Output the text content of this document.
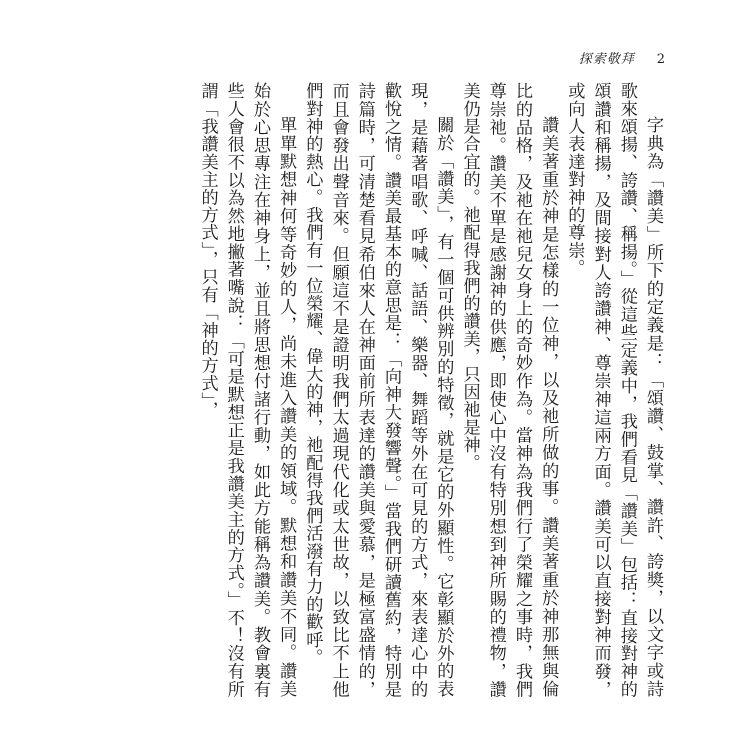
探索敬拜 2

字典為「讚美」所下的定義是：「頌讚、鼓掌、讚許、誇獎，以文字或詩歌來頌揚、誇讚、稱揚。」從這些定義中，我們看見「讚美」包括：直接對神的頌讚和稱揚，及間接對人誇讚神、尊崇神這兩方面。讚美可以直接對神而發，或向人表達對神的尊崇。

讚美著重於神是怎樣的一位神，以及祂所做的事。讚美著重於神那無與倫比的品格，及祂在祂兒女身上的奇妙作為。當神為我們行了榮耀之事時，我們尊崇祂。讚美不單是感謝神的供應，即使心中沒有特別想到神所賜的禮物，讚美仍是合宜的。祂配得我們的讚美，只因祂是神。

關於「讚美」，有一個可供辨別的特徵，就是它的外顯性。它彰顯於外的表現，是藉著唱歌、呼喊、話語、樂器、舞蹈等外在可見的方式，來表達心中的歡悅之情。讚美最基本的意思是：「向神大發響聲。」當我們研讀舊約，特別是詩篇時，可清楚看見希伯來人在神面前所表達的讚美與愛慕，是極富盛情的，而且會發出聲音來。但願這不是證明我們太過現代化或太世故，以致比不上他們對神的熱心。我們有一位榮耀、偉大的神，祂配得我們活潑有力的歡呼。

單單默想神何等奇妙的人，尚未進入讚美的領域。默想和讚美不同。讚美始於心思專注在神身上，並且將思想付諸行動，如此方能稱為讚美。教會裏有些人會很不以為然地撇著嘴說：「可是默想正是我讚美主的方式。」不！沒有所謂「我讚美主的方式」，只有「神的方式」，
